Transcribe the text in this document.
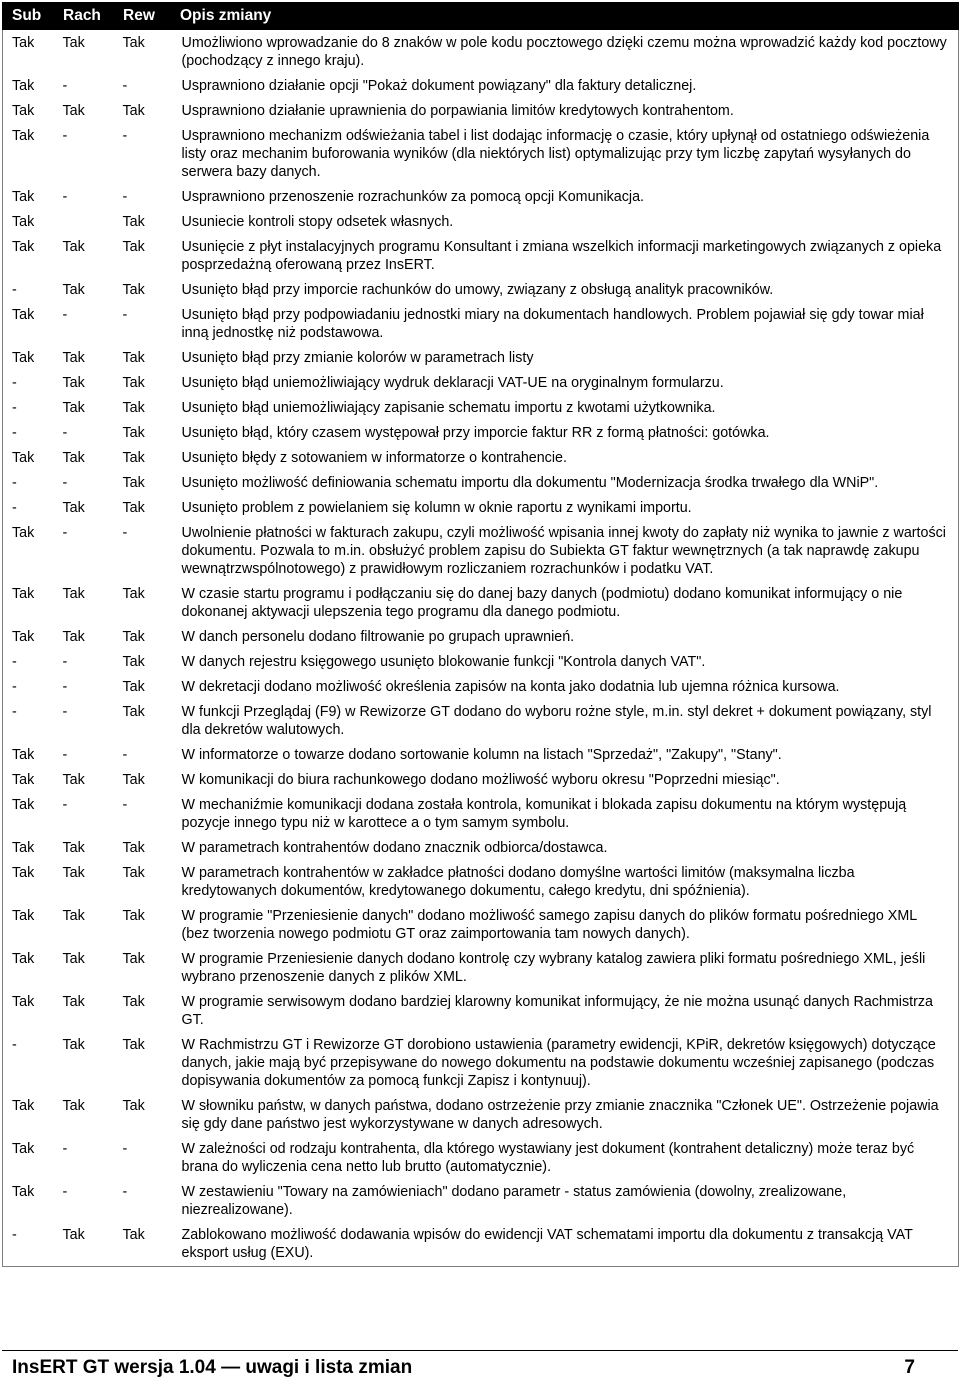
Sub	Rach	Rew	Opis zmiany
Tak	Tak	Tak	Umożliwiono wprowadzanie do 8 znaków w pole kodu pocztowego dzięki czemu można wprowadzić każdy kod pocztowy (pochodzący z innego kraju).
Tak	-	-	Usprawniono działanie opcji "Pokaż dokument powiązany" dla faktury detalicznej.
Tak	Tak	Tak	Usprawniono działanie uprawnienia do porpawiania limitów kredytowych kontrahentom.
Tak	-	-	Usprawniono mechanizm odświeżania tabel i list dodając informację o czasie, który upłynął od ostatniego odświeżenia listy oraz mechanim buforowania wyników (dla niektórych list) optymalizując przy tym liczbę zapytań wysyłanych do serwera bazy danych.
Tak	-	-	Usprawniono przenoszenie rozrachunków za pomocą opcji Komunikacja.
Tak		Tak	Usuniecie kontroli stopy odsetek własnych.
Tak	Tak	Tak	Usunięcie z płyt instalacyjnych programu Konsultant i zmiana wszelkich informacji marketingowych związanych z opieka posprzedażną oferowaną przez InsERT.
-	Tak	Tak	Usunięto błąd przy imporcie rachunków do umowy, związany z obsługą analityk pracowników.
Tak	-	-	Usunięto błąd przy podpowiadaniu jednostki miary na dokumentach handlowych. Problem pojawiał się gdy towar miał inną jednostkę niż podstawowa.
Tak	Tak	Tak	Usunięto błąd przy zmianie kolorów w parametrach listy
-	Tak	Tak	Usunięto błąd uniemożliwiający wydruk deklaracji VAT-UE na oryginalnym formularzu.
-	Tak	Tak	Usunięto błąd uniemożliwiający zapisanie schematu importu z kwotami użytkownika.
-	-	Tak	Usunięto błąd, który czasem występował przy imporcie faktur RR z formą płatności: gotówka.
Tak	Tak	Tak	Usunięto błędy z sotowaniem w informatorze o kontrahencie.
-	-	Tak	Usunięto możliwość definiowania schematu importu dla dokumentu "Modernizacja środka trwałego dla WNiP".
-	Tak	Tak	Usunięto problem z powielaniem się kolumn w oknie raportu z wynikami importu.
Tak	-	-	Uwolnienie płatności w fakturach zakupu, czyli możliwość wpisania innej kwoty do zapłaty niż wynika to jawnie z wartości dokumentu. Pozwala to m.in. obsłużyć problem zapisu do Subiekta GT faktur wewnętrznych (a tak naprawdę zakupu wewnątrzwspólnotowego) z prawidłowym rozliczaniem rozrachunków i podatku VAT.
Tak	Tak	Tak	W czasie startu programu i podłączaniu się do danej bazy danych (podmiotu) dodano komunikat informujący o nie dokonanej aktywacji ulepszenia tego programu dla danego podmiotu.
Tak	Tak	Tak	W danch personelu dodano filtrowanie po grupach uprawnień.
-	-	Tak	W danych rejestru księgowego usunięto blokowanie funkcji "Kontrola danych VAT".
-	-	Tak	W dekretacji dodano możliwość określenia zapisów na konta jako dodatnia lub ujemna różnica kursowa.
-	-	Tak	W funkcji Przeglądaj (F9) w Rewizorze GT dodano do wyboru rożne style, m.in. styl dekret + dokument powiązany, styl dla dekretów walutowych.
Tak	-	-	W informatorze o towarze dodano sortowanie kolumn na listach "Sprzedaż", "Zakupy", "Stany".
Tak	Tak	Tak	W komunikacji do biura rachunkowego dodano możliwość wyboru okresu "Poprzedni miesiąc".
Tak	-	-	W mechaniźmie komunikacji dodana została kontrola, komunikat i blokada zapisu dokumentu na którym występują pozycje innego typu niż w karottece a o tym samym symbolu.
Tak	Tak	Tak	W parametrach kontrahentów dodano znacznik odbiorca/dostawca.
Tak	Tak	Tak	W parametrach kontrahentów w zakładce płatności dodano domyślne wartości limitów (maksymalna liczba kredytowanych dokumentów, kredytowanego dokumentu, całego kredytu, dni spóźnienia).
Tak	Tak	Tak	W programie "Przeniesienie danych" dodano możliwość samego zapisu danych do plików formatu pośredniego XML (bez tworzenia nowego podmiotu GT oraz zaimportowania tam nowych danych).
Tak	Tak	Tak	W programie Przeniesienie danych dodano kontrolę czy wybrany katalog zawiera pliki formatu pośredniego XML, jeśli wybrano przenoszenie danych z plików XML.
Tak	Tak	Tak	W programie serwisowym dodano bardziej klarowny komunikat informujący, że nie można usunąć danych Rachmistrza GT.
-	Tak	Tak	W Rachmistrzu GT i Rewizorze GT dorobiono ustawienia (parametry ewidencji, KPiR, dekretów księgowych) dotyczące danych, jakie mają być przepisywane do nowego dokumentu na podstawie dokumentu wcześniej zapisanego (podczas dopisywania dokumentów za pomocą funkcji Zapisz i kontynuuj).
Tak	Tak	Tak	W słowniku państw, w danych państwa, dodano ostrzeżenie przy zmianie znacznika "Członek UE". Ostrzeżenie pojawia się gdy dane państwo jest wykorzystywane w danych adresowych.
Tak	-	-	W zależności od rodzaju kontrahenta, dla którego wystawiany jest dokument (kontrahent detaliczny) może teraz być brana do wyliczenia cena netto lub brutto (automatycznie).
Tak	-	-	W zestawieniu "Towary na zamówieniach" dodano parametr - status zamówienia (dowolny, zrealizowane, niezrealizowane).
-	Tak	Tak	Zablokowano możliwość dodawania wpisów do ewidencji VAT schematami importu dla dokumentu z transakcją VAT eksport usług (EXU).
InsERT GT wersja 1.04 — uwagi i lista zmian	7
